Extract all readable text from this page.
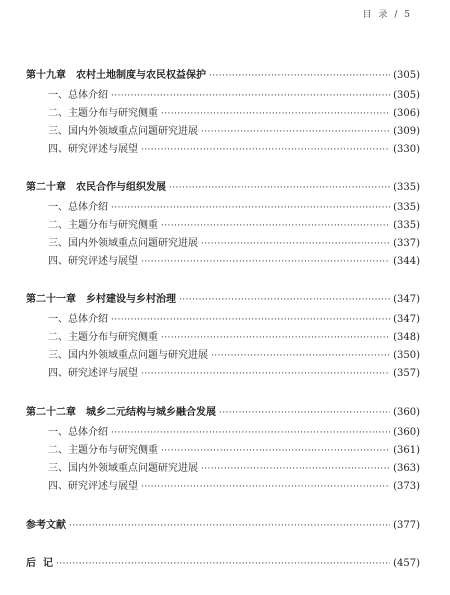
目 录 / 5
第十九章 农村土地制度与农民权益保护 ·····	(305)
一、总体介绍 ·····	(305)
二、主题分布与研究侧重 ·····	(306)
三、国内外领域重点问题研究进展 ·····	(309)
四、研究评述与展望 ·····	(330)
第二十章 农民合作与组织发展 ·····	(335)
一、总体介绍 ·····	(335)
二、主题分布与研究侧重 ·····	(335)
三、国内外领域重点问题研究进展 ·····	(337)
四、研究评述与展望 ·····	(344)
第二十一章 乡村建设与乡村治理 ·····	(347)
一、总体介绍 ·····	(347)
二、主题分布与研究侧重 ·····	(348)
三、国内外领域重点问题与研究进展 ·····	(350)
四、研究述评与展望 ·····	(357)
第二十二章 城乡二元结构与城乡融合发展 ·····	(360)
一、总体介绍 ·····	(360)
二、主题分布与研究侧重 ·····	(361)
三、国内外领域重点问题研究进展 ·····	(363)
四、研究评述与展望 ·····	(373)
参考文献 ·····	(377)
后  记 ·····	(457)
